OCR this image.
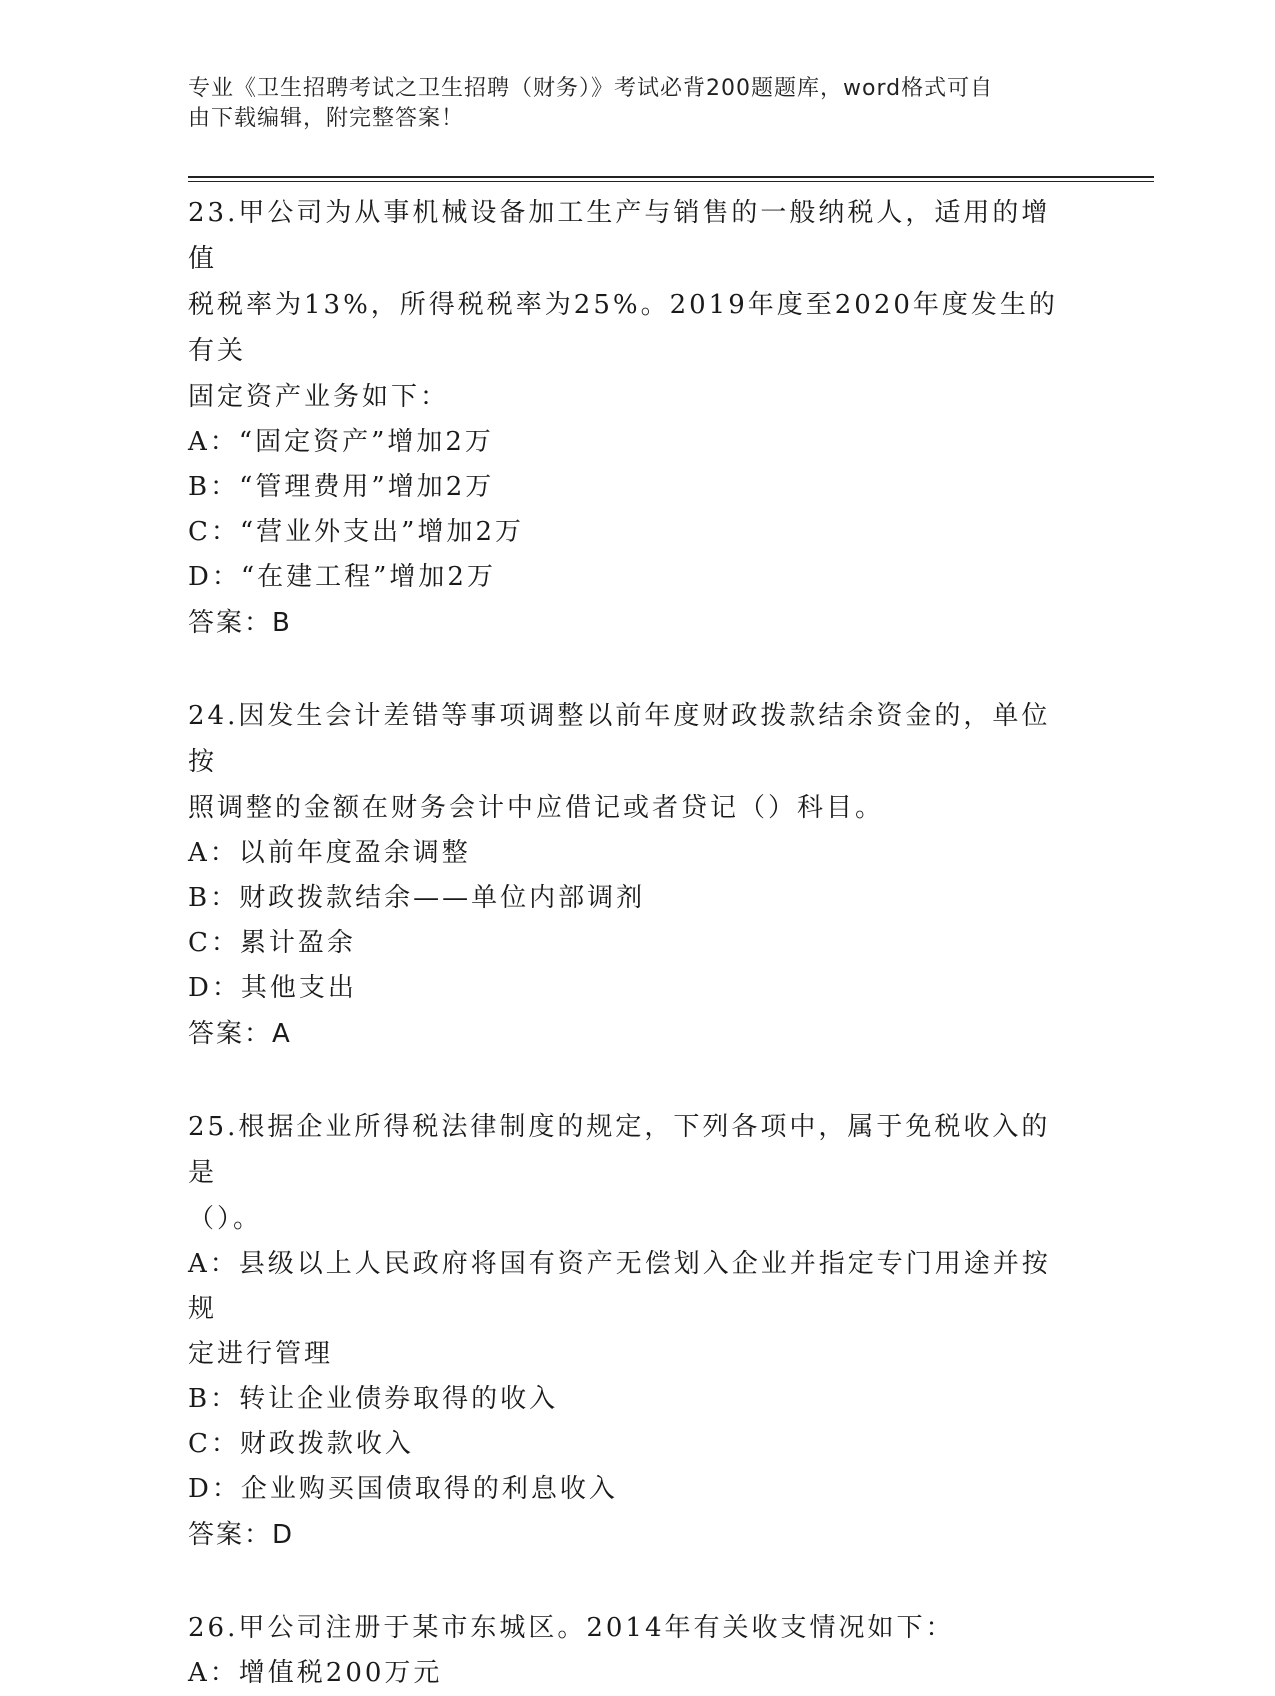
专业《卫生招聘考试之卫生招聘（财务）》考试必背200题题库，word格式可自
由下载编辑，附完整答案！
23.甲公司为从事机械设备加工生产与销售的一般纳税人，适用的增值
税税率为13%，所得税税率为25%。2019年度至2020年度发生的有关
固定资产业务如下：
A：“固定资产”增加2万
B：“管理费用”增加2万
C：“营业外支出”增加2万
D：“在建工程”增加2万
答案：B
24.因发生会计差错等事项调整以前年度财政拨款结余资金的，单位按
照调整的金额在财务会计中应借记或者贷记（）科目。
A：以前年度盈余调整
B：财政拨款结余——单位内部调剂
C：累计盈余
D：其他支出
答案：A
25.根据企业所得税法律制度的规定，下列各项中，属于免税收入的是
（）。
A：县级以上人民政府将国有资产无偿划入企业并指定专门用途并按规
定进行管理
B：转让企业债券取得的收入
C：财政拨款收入
D：企业购买国债取得的利息收入
答案：D
26.甲公司注册于某市东城区。2014年有关收支情况如下：
A：增值税200万元
